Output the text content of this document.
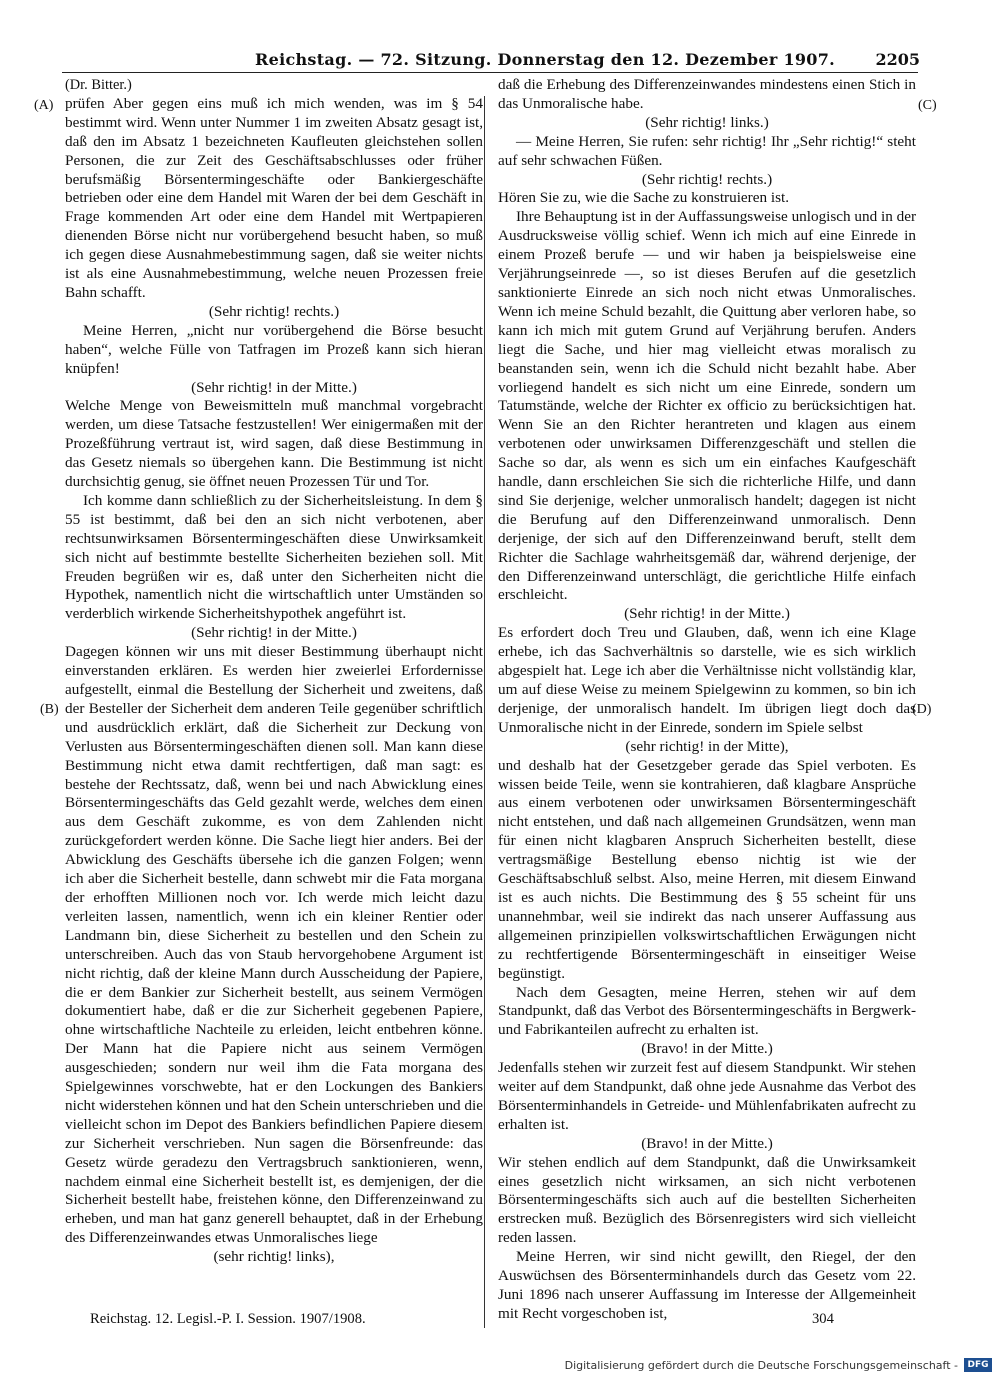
Reichstag. — 72. Sitzung. Donnerstag den 12. Dezember 1907.	2205
(A)
(B)
(C)
(D)

(Dr. Bitter.)

prüfen Aber gegen eins muß ich mich wenden, was im § 54 bestimmt wird. Wenn unter Nummer 1 im zweiten Absatz gesagt ist, daß den im Absatz 1 bezeichneten Kaufleuten gleichstehen sollen Personen, die zur Zeit des Geschäftsabschlusses oder früher berufsmäßig Börsentermingeschäfte oder Bankiergeschäfte betrieben oder eine dem Handel mit Waren der bei dem Geschäft in Frage kommenden Art oder eine dem Handel mit Wertpapieren dienenden Börse nicht nur vorübergehend besucht haben, so muß ich gegen diese Ausnahmebestimmung sagen, daß sie weiter nichts ist als eine Ausnahmebestimmung, welche neuen Prozessen freie Bahn schafft.

(Sehr richtig! rechts.)

Meine Herren, „nicht nur vorübergehend die Börse besucht haben“, welche Fülle von Tatfragen im Prozeß kann sich hieran knüpfen!

(Sehr richtig! in der Mitte.)

Welche Menge von Beweismitteln muß manchmal vorgebracht werden, um diese Tatsache festzustellen! Wer einigermaßen mit der Prozeßführung vertraut ist, wird sagen, daß diese Bestimmung in das Gesetz niemals so übergehen kann. Die Bestimmung ist nicht durchsichtig genug, sie öffnet neuen Prozessen Tür und Tor.

Ich komme dann schließlich zu der Sicherheitsleistung. In dem § 55 ist bestimmt, daß bei den an sich nicht verbotenen, aber rechtsunwirksamen Börsentermingeschäften diese Unwirksamkeit sich nicht auf bestimmte bestellte Sicherheiten beziehen soll. Mit Freuden begrüßen wir es, daß unter den Sicherheiten nicht die Hypothek, namentlich nicht die wirtschaftlich unter Umständen so verderblich wirkende Sicherheitshypothek angeführt ist.

(Sehr richtig! in der Mitte.)

Dagegen können wir uns mit dieser Bestimmung überhaupt nicht einverstanden erklären. Es werden hier zweierlei Erfordernisse aufgestellt, einmal die Bestellung der Sicherheit und zweitens, daß der Besteller der Sicherheit dem anderen Teile gegenüber schriftlich und ausdrücklich erklärt, daß die Sicherheit zur Deckung von Verlusten aus Börsentermingeschäften dienen soll. Man kann diese Bestimmung nicht etwa damit rechtfertigen, daß man sagt: es bestehe der Rechtssatz, daß, wenn bei und nach Abwicklung eines Börsentermingeschäfts das Geld gezahlt werde, welches dem einen aus dem Geschäft zukomme, es von dem Zahlenden nicht zurückgefordert werden könne. Die Sache liegt hier anders. Bei der Abwicklung des Geschäfts übersehe ich die ganzen Folgen; wenn ich aber die Sicherheit bestelle, dann schwebt mir die Fata morgana der erhofften Millionen noch vor. Ich werde mich leicht dazu verleiten lassen, namentlich, wenn ich ein kleiner Rentier oder Landmann bin, diese Sicherheit zu bestellen und den Schein zu unterschreiben. Auch das von Staub hervorgehobene Argument ist nicht richtig, daß der kleine Mann durch Ausscheidung der Papiere, die er dem Bankier zur Sicherheit bestellt, aus seinem Vermögen dokumentiert habe, daß er die zur Sicherheit gegebenen Papiere, ohne wirtschaftliche Nachteile zu erleiden, leicht entbehren könne. Der Mann hat die Papiere nicht aus seinem Vermögen ausgeschieden; sondern nur weil ihm die Fata morgana des Spielgewinnes vorschwebte, hat er den Lockungen des Bankiers nicht widerstehen können und hat den Schein unterschrieben und die vielleicht schon im Depot des Bankiers befindlichen Papiere diesem zur Sicherheit verschrieben. Nun sagen die Börsenfreunde: das Gesetz würde geradezu den Vertragsbruch sanktionieren, wenn, nachdem einmal eine Sicherheit bestellt ist, es demjenigen, der die Sicherheit bestellt habe, freistehen könne, den Differenzeinwand zu erheben, und man hat ganz generell behauptet, daß in der Erhebung des Differenzeinwandes etwas Unmoralisches liege

(sehr richtig! links),

daß die Erhebung des Differenzeinwandes mindestens einen Stich in das Unmoralische habe.

(Sehr richtig! links.)

— Meine Herren, Sie rufen: sehr richtig! Ihr „Sehr richtig!“ steht auf sehr schwachen Füßen.

(Sehr richtig! rechts.)

Hören Sie zu, wie die Sache zu konstruieren ist.

Ihre Behauptung ist in der Auffassungsweise unlogisch und in der Ausdrucksweise völlig schief. Wenn ich mich auf eine Einrede in einem Prozeß berufe — und wir haben ja beispielsweise eine Verjährungseinrede —, so ist dieses Berufen auf die gesetzlich sanktionierte Einrede an sich noch nicht etwas Unmoralisches. Wenn ich meine Schuld bezahlt, die Quittung aber verloren habe, so kann ich mich mit gutem Grund auf Verjährung berufen. Anders liegt die Sache, und hier mag vielleicht etwas moralisch zu beanstanden sein, wenn ich die Schuld nicht bezahlt habe. Aber vorliegend handelt es sich nicht um eine Einrede, sondern um Tatumstände, welche der Richter ex officio zu berücksichtigen hat. Wenn Sie an den Richter herantreten und klagen aus einem verbotenen oder unwirksamen Differenzgeschäft und stellen die Sache so dar, als wenn es sich um ein einfaches Kaufgeschäft handle, dann erschleichen Sie sich die richterliche Hilfe, und dann sind Sie derjenige, welcher unmoralisch handelt; dagegen ist nicht die Berufung auf den Differenzeinwand unmoralisch. Denn derjenige, der sich auf den Differenzeinwand beruft, stellt dem Richter die Sachlage wahrheitsgemäß dar, während derjenige, der den Differenzeinwand unterschlägt, die gerichtliche Hilfe einfach erschleicht.

(Sehr richtig! in der Mitte.)

Es erfordert doch Treu und Glauben, daß, wenn ich eine Klage erhebe, ich das Sachverhältnis so darstelle, wie es sich wirklich abgespielt hat. Lege ich aber die Verhältnisse nicht vollständig klar, um auf diese Weise zu meinem Spielgewinn zu kommen, so bin ich derjenige, der unmoralisch handelt. Im übrigen liegt doch das Unmoralische nicht in der Einrede, sondern im Spiele selbst

(sehr richtig! in der Mitte),

und deshalb hat der Gesetzgeber gerade das Spiel verboten. Es wissen beide Teile, wenn sie kontrahieren, daß klagbare Ansprüche aus einem verbotenen oder unwirksamen Börsentermingeschäft nicht entstehen, und daß nach allgemeinen Grundsätzen, wenn man für einen nicht klagbaren Anspruch Sicherheiten bestellt, diese vertragsmäßige Bestellung ebenso nichtig ist wie der Geschäftsabschluß selbst. Also, meine Herren, mit diesem Einwand ist es auch nichts. Die Bestimmung des § 55 scheint für uns unannehmbar, weil sie indirekt das nach unserer Auffassung aus allgemeinen prinzipiellen volkswirtschaftlichen Erwägungen nicht zu rechtfertigende Börsentermingeschäft in einseitiger Weise begünstigt.

Nach dem Gesagten, meine Herren, stehen wir auf dem Standpunkt, daß das Verbot des Börsentermingeschäfts in Bergwerk- und Fabrikanteilen aufrecht zu erhalten ist.

(Bravo! in der Mitte.)

Jedenfalls stehen wir zurzeit fest auf diesem Standpunkt. Wir stehen weiter auf dem Standpunkt, daß ohne jede Ausnahme das Verbot des Börsenterminhandels in Getreide- und Mühlenfabrikaten aufrecht zu erhalten ist.

(Bravo! in der Mitte.)

Wir stehen endlich auf dem Standpunkt, daß die Unwirksamkeit eines gesetzlich nicht wirksamen, an sich nicht verbotenen Börsentermingeschäfts sich auch auf die bestellten Sicherheiten erstrecken muß. Bezüglich des Börsenregisters wird sich vielleicht reden lassen.

Meine Herren, wir sind nicht gewillt, den Riegel, der den Auswüchsen des Börsenterminhandels durch das Gesetz vom 22. Juni 1896 nach unserer Auffassung im Interesse der Allgemeinheit mit Recht vorgeschoben ist,

Reichstag. 12. Legisl.-P. I. Session. 1907/1908.	304
Digitalisierung gefördert durch die Deutsche Forschungsgemeinschaft -	DFG
